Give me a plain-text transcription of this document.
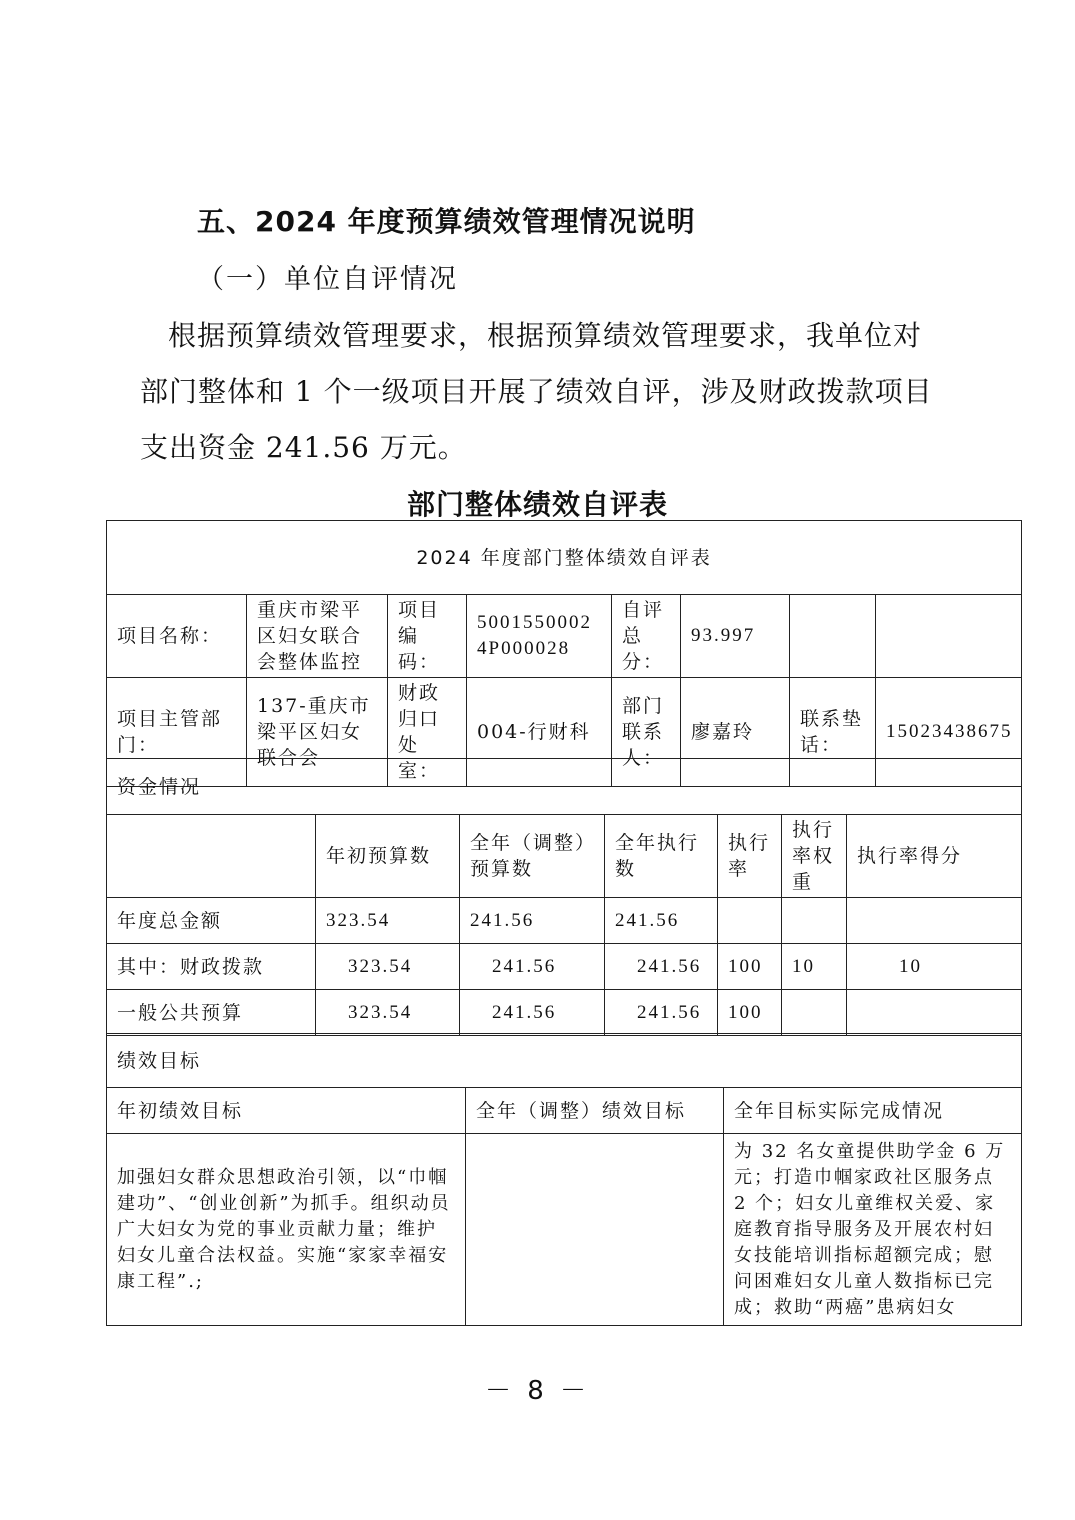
五、2024 年度预算绩效管理情况说明
（一）单位自评情况
根据预算绩效管理要求，根据预算绩效管理要求，我单位对部门整体和 1 个一级项目开展了绩效自评，涉及财政拨款项目支出资金 241.56 万元。
部门整体绩效自评表
2024 年度部门整体绩效自评表							
项目名称：	重庆市梁平区妇女联合会整体监控	项目编码：	50015500024P000028	自评总分：	93.997		
项目主管部门：	137-重庆市梁平区妇女联合会	财政归口处室：	004-行财科	部门联系人：	廖嘉玲	联系垫话：	15023438675
资金情况						
	年初预算数	全年（调整）预算数	全年执行数	执行率	执行率权重	执行率得分
年度总金额	323.54	241.56	241.56			
其中：财政拨款	323.54	241.56	241.56	100	10	10
一般公共预算	323.54	241.56	241.56	100		
绩效目标		
年初绩效目标	全年（调整）绩效目标	全年目标实际完成情况
加强妇女群众思想政治引领，以“巾帼建功”、“创业创新”为抓手。组织动员广大妇女为党的事业贡献力量；维护妇女儿童合法权益。实施“家家幸福安康工程”.;		为 32 名女童提供助学金 6 万元；打造巾帼家政社区服务点 2 个；妇女儿童维权关爱、家庭教育指导服务及开展农村妇女技能培训指标超额完成；慰问困难妇女儿童人数指标已完成；救助“两癌”患病妇女
－ 8 －
